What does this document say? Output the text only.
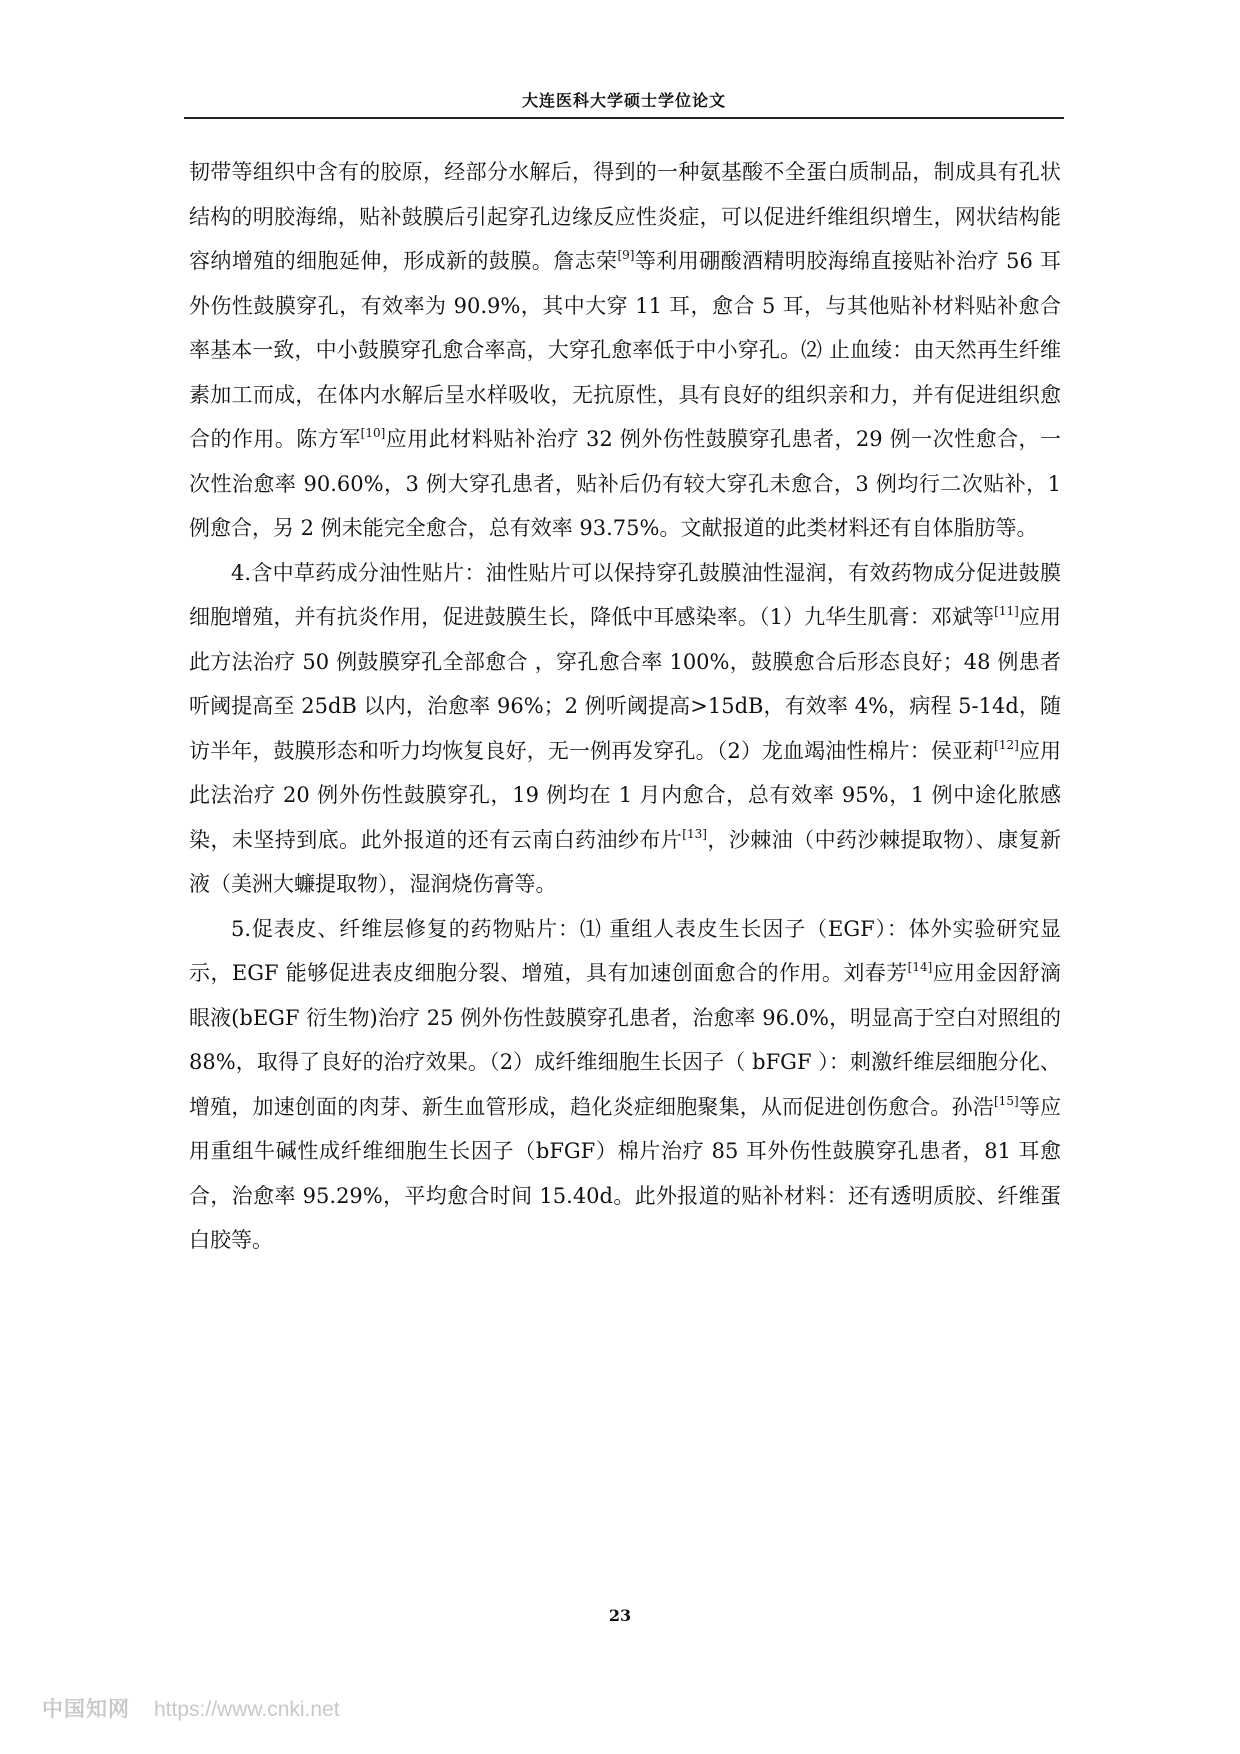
大连医科大学硕士学位论文

韧带等组织中含有的胶原，经部分水解后，得到的一种氨基酸不全蛋白质制品，制成具有孔状结构的明胶海绵，贴补鼓膜后引起穿孔边缘反应性炎症，可以促进纤维组织增生，网状结构能容纳增殖的细胞延伸，形成新的鼓膜。詹志荣[9]等利用硼酸酒精明胶海绵直接贴补治疗 56 耳外伤性鼓膜穿孔，有效率为 90.9%，其中大穿 11 耳，愈合 5 耳，与其他贴补材料贴补愈合率基本一致，中小鼓膜穿孔愈合率高，大穿孔愈率低于中小穿孔。⑵ 止血绫：由天然再生纤维素加工而成，在体内水解后呈水样吸收，无抗原性，具有良好的组织亲和力，并有促进组织愈合的作用。陈方军[10]应用此材料贴补治疗 32 例外伤性鼓膜穿孔患者，29 例一次性愈合，一次性治愈率 90.60%，3 例大穿孔患者，贴补后仍有较大穿孔未愈合，3 例均行二次贴补，1 例愈合，另 2 例未能完全愈合，总有效率 93.75%。文献报道的此类材料还有自体脂肪等。

4.含中草药成分油性贴片：油性贴片可以保持穿孔鼓膜油性湿润，有效药物成分促进鼓膜细胞增殖，并有抗炎作用，促进鼓膜生长，降低中耳感染率。（1）九华生肌膏：邓斌等[11]应用此方法治疗 50 例鼓膜穿孔全部愈合 ，穿孔愈合率 100%，鼓膜愈合后形态良好；48 例患者听阈提高至 25dB 以内，治愈率 96%；2 例听阈提高>15dB，有效率 4%，病程 5-14d，随访半年，鼓膜形态和听力均恢复良好，无一例再发穿孔。（2）龙血竭油性棉片：侯亚莉[12]应用此法治疗 20 例外伤性鼓膜穿孔，19 例均在 1 月内愈合，总有效率 95%，1 例中途化脓感染，未坚持到底。此外报道的还有云南白药油纱布片[13]，沙棘油（中药沙棘提取物）、康复新液（美洲大蠊提取物），湿润烧伤膏等。

5.促表皮、纤维层修复的药物贴片：⑴ 重组人表皮生长因子（EGF）：体外实验研究显示，EGF 能够促进表皮细胞分裂、增殖，具有加速创面愈合的作用。刘春芳[14]应用金因舒滴眼液(bEGF 衍生物)治疗 25 例外伤性鼓膜穿孔患者，治愈率 96.0%，明显高于空白对照组的 88%，取得了良好的治疗效果。（2）成纤维细胞生长因子（ bFGF ）：刺激纤维层细胞分化、增殖，加速创面的肉芽、新生血管形成，趋化炎症细胞聚集，从而促进创伤愈合。孙浩[15]等应用重组牛碱性成纤维细胞生长因子（bFGF）棉片治疗 85 耳外伤性鼓膜穿孔患者，81 耳愈合，治愈率 95.29%，平均愈合时间 15.40d。此外报道的贴补材料：还有透明质胶、纤维蛋白胶等。

23
中国知网 https://www.cnki.net
